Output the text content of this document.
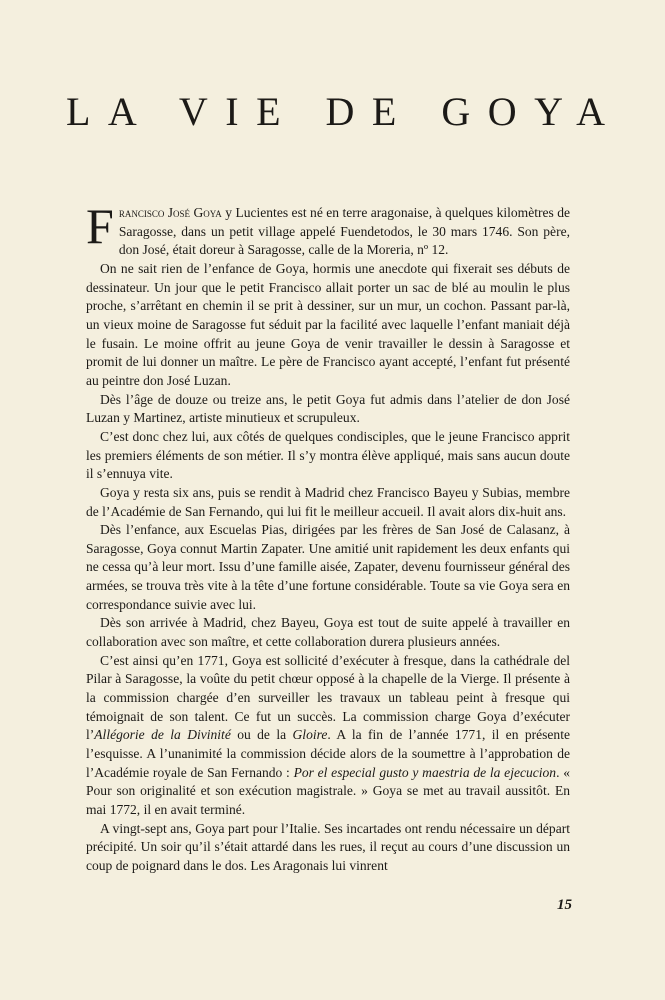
LA VIE DE GOYA

Francisco José Goya y Lucientes est né en terre aragonaise, à quelques kilomètres de Saragosse, dans un petit village appelé Fuendetodos, le 30 mars 1746. Son père, don José, était doreur à Saragosse, calle de la Moreria, nº 12.

On ne sait rien de l’enfance de Goya, hormis une anecdote qui fixerait ses débuts de dessinateur. Un jour que le petit Francisco allait porter un sac de blé au moulin le plus proche, s’arrêtant en chemin il se prit à dessiner, sur un mur, un cochon. Passant par-là, un vieux moine de Saragosse fut séduit par la facilité avec laquelle l’enfant maniait déjà le fusain. Le moine offrit au jeune Goya de venir travailler le dessin à Saragosse et promit de lui donner un maître. Le père de Francisco ayant accepté, l’enfant fut présenté au peintre don José Luzan.

Dès l’âge de douze ou treize ans, le petit Goya fut admis dans l’atelier de don José Luzan y Martinez, artiste minutieux et scrupuleux.

C’est donc chez lui, aux côtés de quelques condisciples, que le jeune Francisco apprit les premiers éléments de son métier. Il s’y montra élève appliqué, mais sans aucun doute il s’ennuya vite.

Goya y resta six ans, puis se rendit à Madrid chez Francisco Bayeu y Subias, membre de l’Académie de San Fernando, qui lui fit le meilleur accueil. Il avait alors dix-huit ans.

Dès l’enfance, aux Escuelas Pias, dirigées par les frères de San José de Calasanz, à Saragosse, Goya connut Martin Zapater. Une amitié unit rapidement les deux enfants qui ne cessa qu’à leur mort. Issu d’une famille aisée, Zapater, devenu fournisseur général des armées, se trouva très vite à la tête d’une fortune considérable. Toute sa vie Goya sera en correspondance suivie avec lui.

Dès son arrivée à Madrid, chez Bayeu, Goya est tout de suite appelé à travailler en collaboration avec son maître, et cette collaboration durera plusieurs années.

C’est ainsi qu’en 1771, Goya est sollicité d’exécuter à fresque, dans la cathédrale del Pilar à Saragosse, la voûte du petit chœur opposé à la chapelle de la Vierge. Il présente à la commission chargée d’en surveiller les travaux un tableau peint à fresque qui témoignait de son talent. Ce fut un succès. La commission charge Goya d’exécuter l’Allégorie de la Divinité ou de la Gloire. A la fin de l’année 1771, il en présente l’esquisse. A l’unanimité la commission décide alors de la soumettre à l’approbation de l’Académie royale de San Fernando : Por el especial gusto y maestria de la ejecucion. « Pour son originalité et son exécution magistrale. » Goya se met au travail aussitôt. En mai 1772, il en avait terminé.

A vingt-sept ans, Goya part pour l’Italie. Ses incartades ont rendu nécessaire un départ précipité. Un soir qu’il s’était attardé dans les rues, il reçut au cours d’une discussion un coup de poignard dans le dos. Les Aragonais lui vinrent

15
